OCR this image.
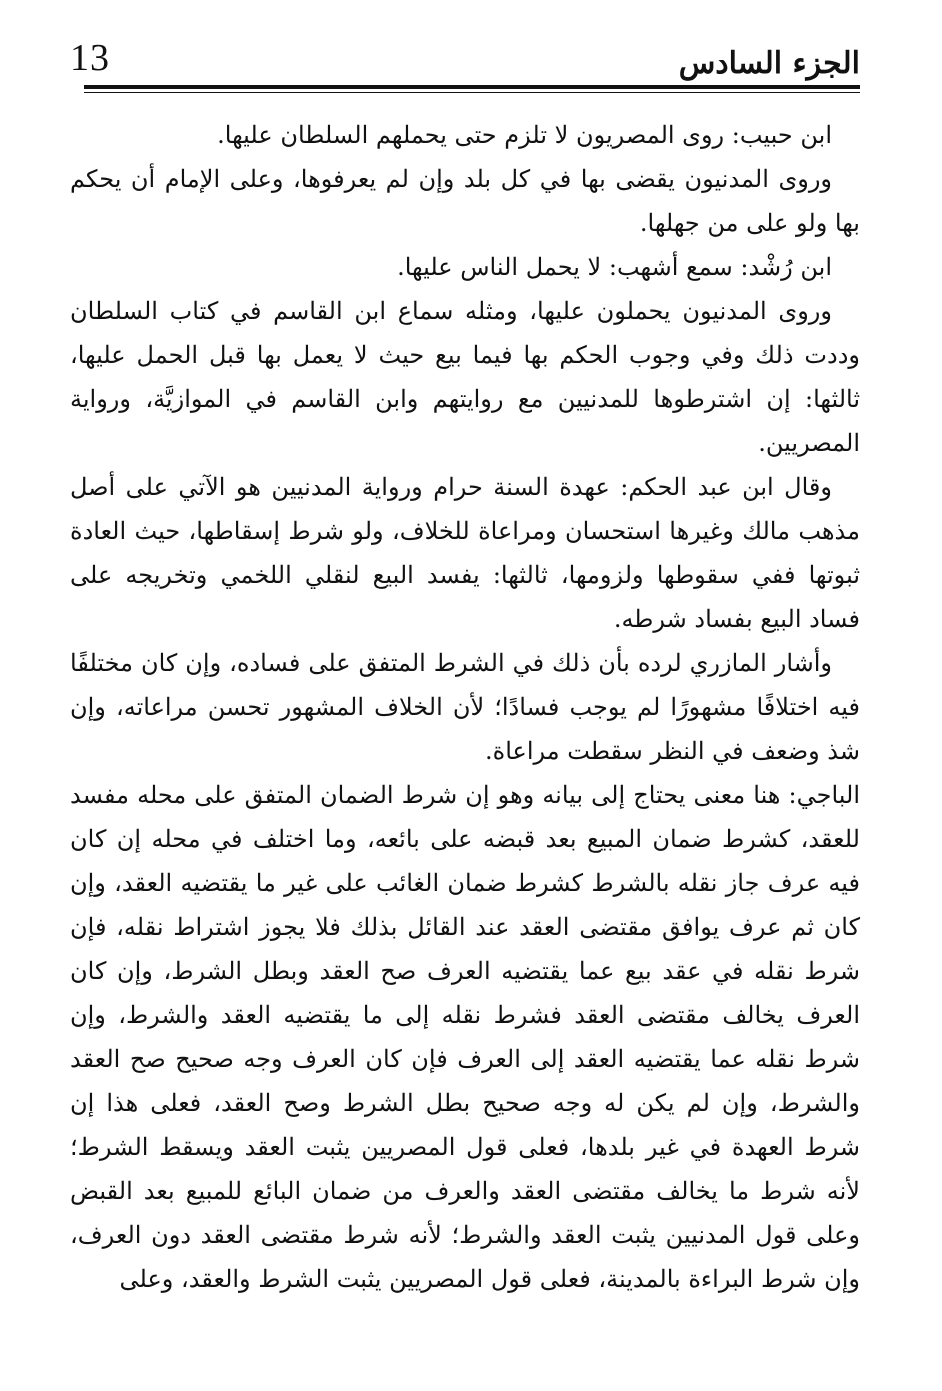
13	الجزء السادس

ابن حبيب: روى المصريون لا تلزم حتى يحملهم السلطان عليها.

وروى المدنيون يقضى بها في كل بلد وإن لم يعرفوها، وعلى الإمام أن يحكم بها ولو على من جهلها.

ابن رُشْد: سمع أشهب: لا يحمل الناس عليها.

وروى المدنيون يحملون عليها، ومثله سماع ابن القاسم في كتاب السلطان وددت ذلك وفي وجوب الحكم بها فيما بيع حيث لا يعمل بها قبل الحمل عليها، ثالثها: إن اشترطوها للمدنيين مع روايتهم وابن القاسم في الموازيَّة، ورواية المصريين.

وقال ابن عبد الحكم: عهدة السنة حرام ورواية المدنيين هو الآتي على أصل مذهب مالك وغيرها استحسان ومراعاة للخلاف، ولو شرط إسقاطها، حيث العادة ثبوتها ففي سقوطها ولزومها، ثالثها: يفسد البيع لنقلي اللخمي وتخريجه على فساد البيع بفساد شرطه.

وأشار المازري لرده بأن ذلك في الشرط المتفق على فساده، وإن كان مختلفًا فيه اختلافًا مشهورًا لم يوجب فسادًا؛ لأن الخلاف المشهور تحسن مراعاته، وإن شذ وضعف في النظر سقطت مراعاة.

الباجي: هنا معنى يحتاج إلى بيانه وهو إن شرط الضمان المتفق على محله مفسد للعقد، كشرط ضمان المبيع بعد قبضه على بائعه، وما اختلف في محله إن كان فيه عرف جاز نقله بالشرط كشرط ضمان الغائب على غير ما يقتضيه العقد، وإن كان ثم عرف يوافق مقتضى العقد عند القائل بذلك فلا يجوز اشتراط نقله، فإن شرط نقله في عقد بيع عما يقتضيه العرف صح العقد وبطل الشرط، وإن كان العرف يخالف مقتضى العقد فشرط نقله إلى ما يقتضيه العقد والشرط، وإن شرط نقله عما يقتضيه العقد إلى العرف فإن كان العرف وجه صحيح صح العقد والشرط، وإن لم يكن له وجه صحيح بطل الشرط وصح العقد، فعلى هذا إن شرط العهدة في غير بلدها، فعلى قول المصريين يثبت العقد ويسقط الشرط؛ لأنه شرط ما يخالف مقتضى العقد والعرف من ضمان البائع للمبيع بعد القبض وعلى قول المدنيين يثبت العقد والشرط؛ لأنه شرط مقتضى العقد دون العرف، وإن شرط البراءة بالمدينة، فعلى قول المصريين يثبت الشرط والعقد، وعلى
